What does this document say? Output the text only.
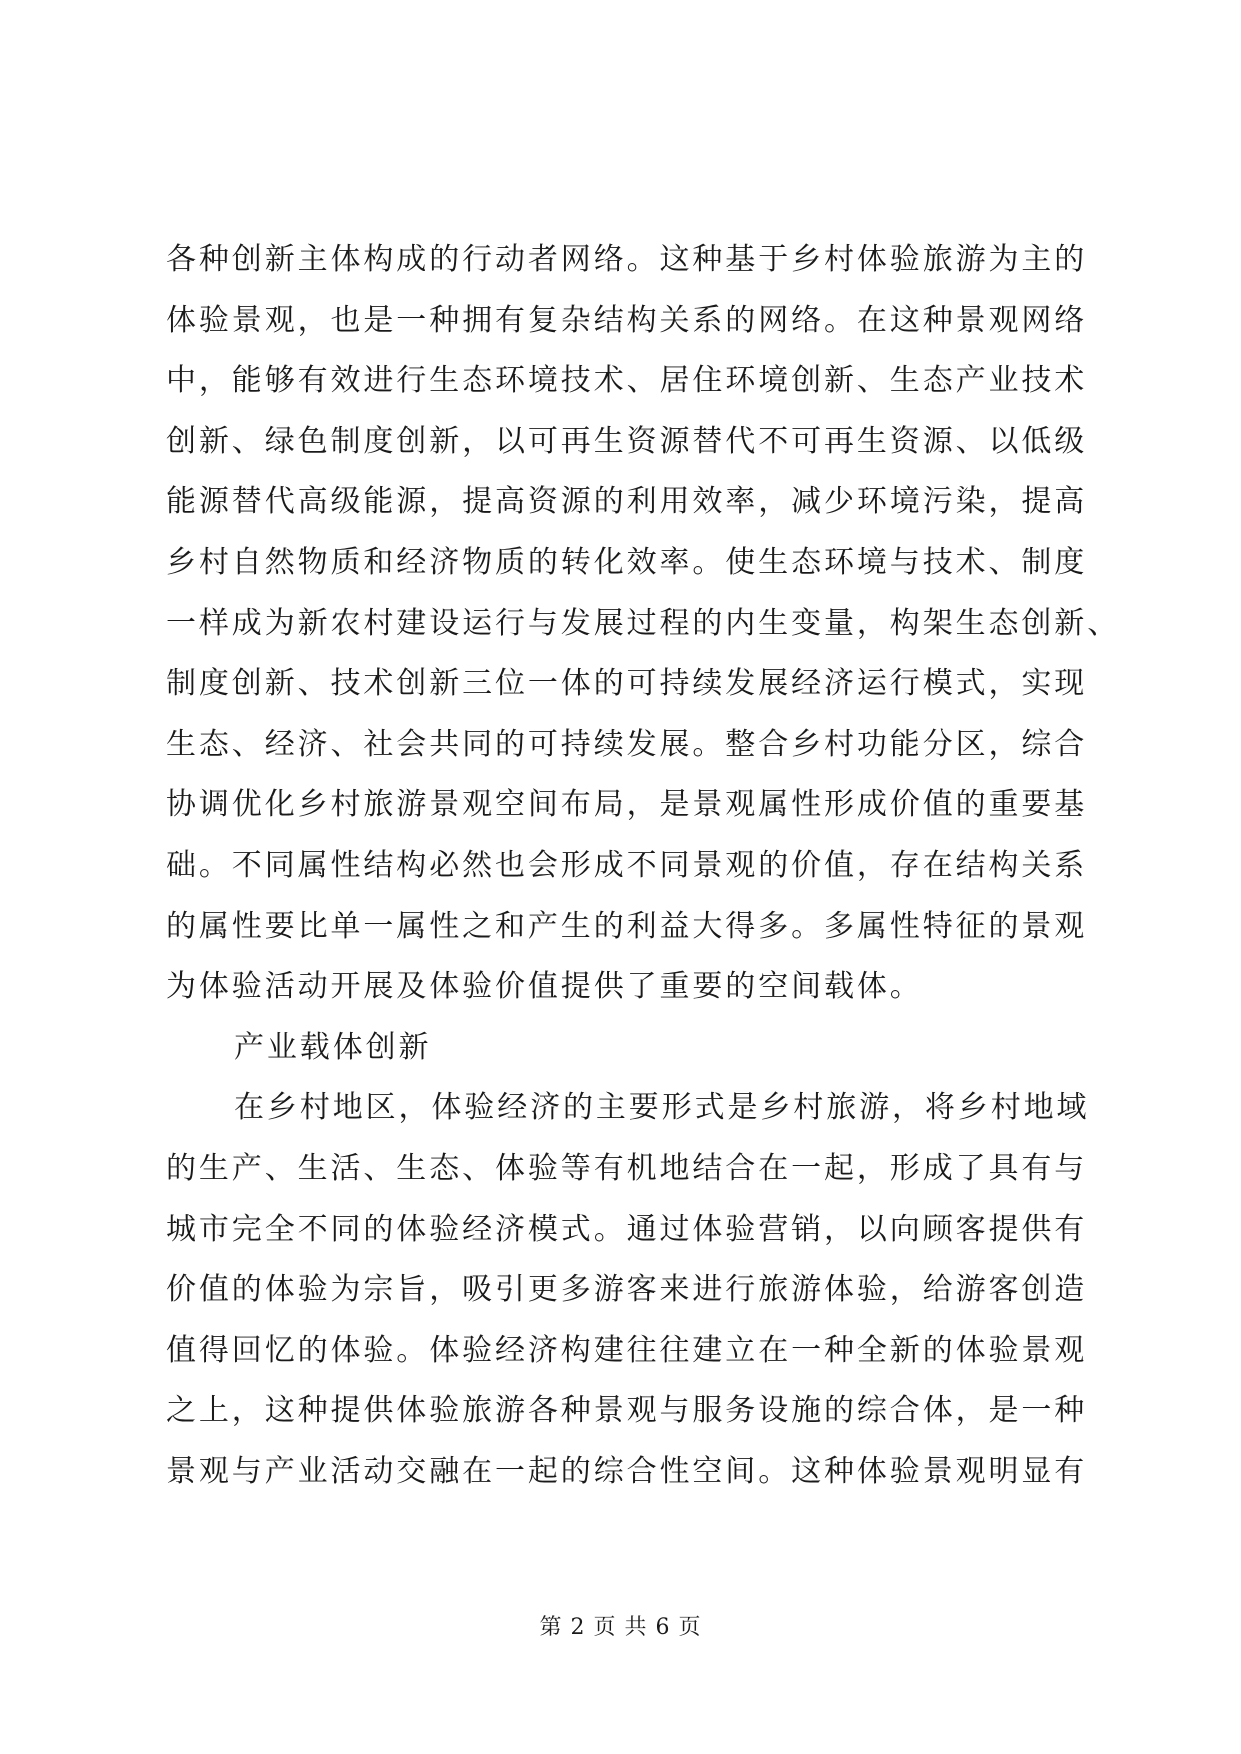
各种创新主体构成的行动者网络。这种基于乡村体验旅游为主的
体验景观，也是一种拥有复杂结构关系的网络。在这种景观网络
中，能够有效进行生态环境技术、居住环境创新、生态产业技术
创新、绿色制度创新，以可再生资源替代不可再生资源、以低级
能源替代高级能源，提高资源的利用效率，减少环境污染，提高
乡村自然物质和经济物质的转化效率。使生态环境与技术、制度
一样成为新农村建设运行与发展过程的内生变量，构架生态创新、
制度创新、技术创新三位一体的可持续发展经济运行模式，实现
生态、经济、社会共同的可持续发展。整合乡村功能分区，综合
协调优化乡村旅游景观空间布局，是景观属性形成价值的重要基
础。不同属性结构必然也会形成不同景观的价值，存在结构关系
的属性要比单一属性之和产生的利益大得多。多属性特征的景观
为体验活动开展及体验价值提供了重要的空间载体。
产业载体创新
在乡村地区，体验经济的主要形式是乡村旅游，将乡村地域
的生产、生活、生态、体验等有机地结合在一起，形成了具有与
城市完全不同的体验经济模式。通过体验营销，以向顾客提供有
价值的体验为宗旨，吸引更多游客来进行旅游体验，给游客创造
值得回忆的体验。体验经济构建往往建立在一种全新的体验景观
之上，这种提供体验旅游各种景观与服务设施的综合体，是一种
景观与产业活动交融在一起的综合性空间。这种体验景观明显有
第 2 页 共 6 页
